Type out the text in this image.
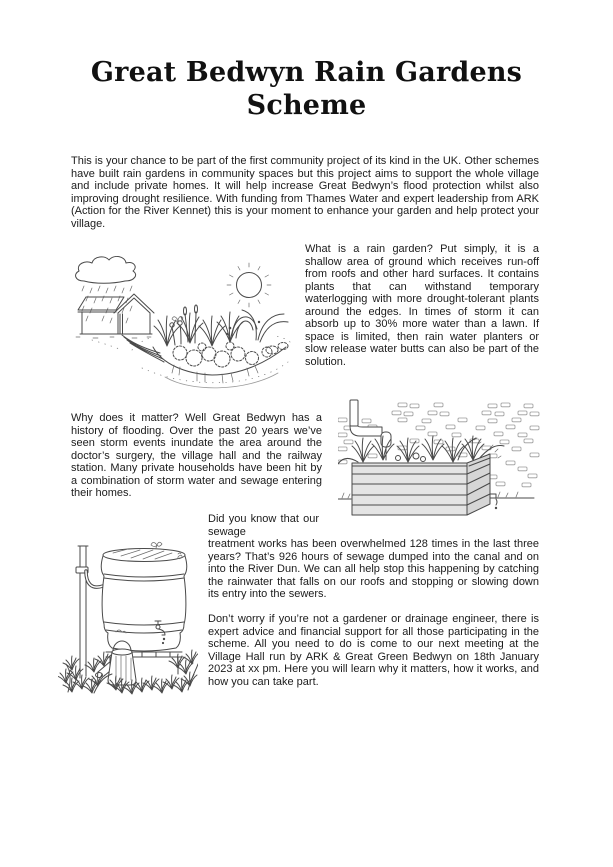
Great Bedwyn Rain Gardens
Scheme

This is your chance to be part of the first community project of its kind in the UK. Other schemes have built rain gardens in community spaces but this project aims to support the whole village and include private homes. It will help increase Great Bedwyn’s flood protection whilst also improving drought resilience. With funding from Thames Water and expert leadership from ARK (Action for the River Kennet) this is your moment to enhance your garden and help protect your village.

What is a rain garden? Put simply, it is a shallow area of ground which receives run-off from roofs and other hard surfaces. It contains plants that can withstand temporary waterlogging with more drought-tolerant plants around the edges. In times of storm it can absorb up to 30% more water than a lawn. If space is limited, then rain water planters or slow release water butts can also be part of the solution.

Why does it matter? Well Great Bedwyn has a history of flooding. Over the past 20 years we’ve seen storm events inundate the area around the doctor’s surgery, the village hall and the railway station. Many private households have been hit by a combination of storm water and sewage entering their homes.

Did you know that our sewage

treatment works has been overwhelmed 128 times in the last three years? That’s 926 hours of sewage dumped into the canal and on into the River Dun. We can all help stop this happening by catching the rainwater that falls on our roofs and stopping or slowing down its entry into the sewers.

Don’t worry if you’re not a gardener or drainage engineer, there is expert advice and financial support for all those participating in the scheme. All you need to do is come to our next meeting at the Village Hall run by ARK & Great Green Bedwyn on 18th January 2023 at xx pm. Here you will learn why it matters, how it works, and how you can take part.
